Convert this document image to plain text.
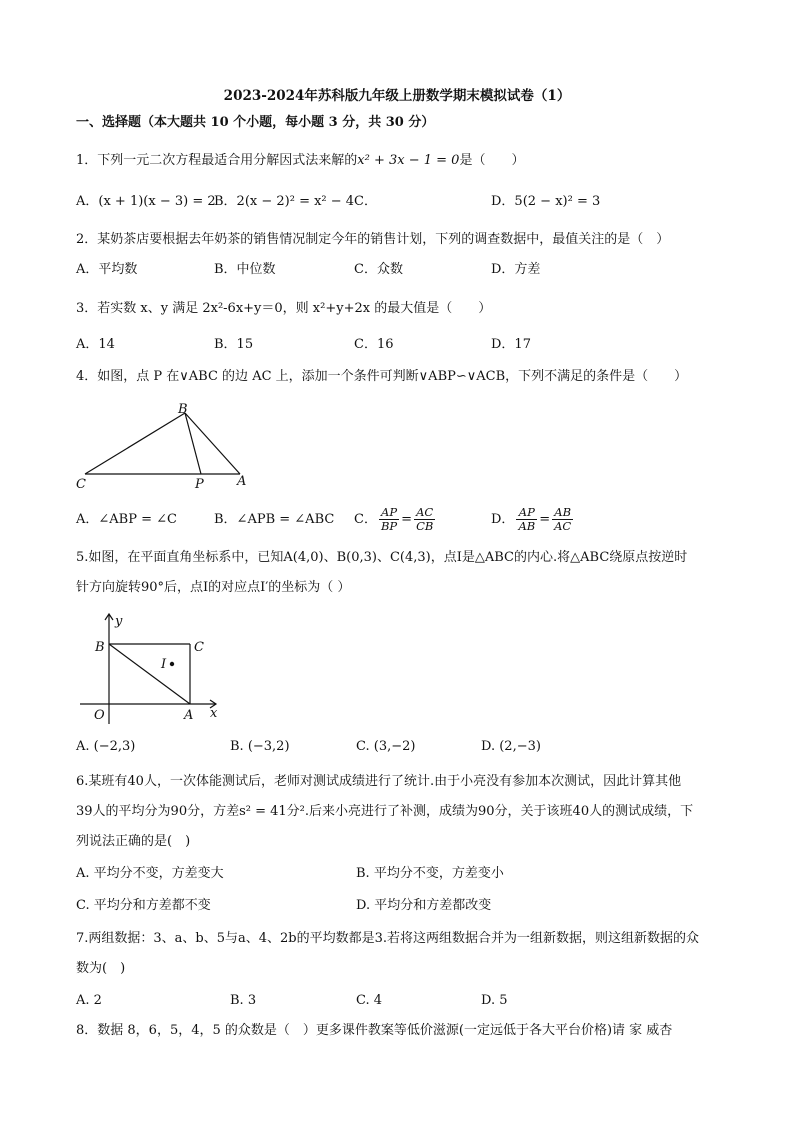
2023-2024年苏科版九年级上册数学期末模拟试卷（1）
一、选择题（本大题共 10 个小题，每小题 3 分，共 30 分）
1．下列一元二次方程最适合用分解因式法来解的x² + 3x − 1 = 0是（　　）
A．(x + 1)(x − 3) = 2
B．2(x − 2)² = x² − 4 C．	D．5(2 − x)² = 3
2．某奶茶店要根据去年奶茶的销售情况制定今年的销售计划，下列的调查数据中，最值关注的是（　）
A．平均数	B．中位数	C．众数	D．方差
3．若实数 x、y 满足 2x²-6x+y＝0，则 x²+y+2x 的最大值是（　　）
A．14	B．15	C．16	D．17
4．如图，点 P 在∨ABC 的边 AC 上，添加一个条件可判断∨ABP∽∨ACB，下列不满足的条件是（　　）
B
C	P	A
A．∠ABP = ∠C	B．∠APB = ∠ABC C． $\frac{AP}{BP} = \frac{AC}{CB}$	D． $\frac{AP}{AB} = \frac{AB}{AC}$
5.如图，在平面直角坐标系中，已知A(4,0)、B(0,3)、C(4,3)，点I是△ABC的内心.将△ABC绕原点按逆时
针方向旋转90°后，点I的对应点I′的坐标为（ ）
y
B	C
I
O	A x
A. (−2,3)	B. (−3,2)	C. (3,−2)	D. (2,−3)
6.某班有40人，一次体能测试后，老师对测试成绩进行了统计.由于小亮没有参加本次测试，因此计算其他
39人的平均分为90分，方差s² = 41分².后来小亮进行了补测，成绩为90分，关于该班40人的测试成绩，下
列说法正确的是(　)
A. 平均分不变，方差变大	B. 平均分不变，方差变小
C. 平均分和方差都不变	D. 平均分和方差都改变
7.两组数据：3、a、b、5与a、4、2b的平均数都是3.若将这两组数据合并为一组新数据，则这组新数据的众
数为(　)
A. 2	B. 3	C. 4	D. 5
8．数据 8，6，5，4，5 的众数是（　）更多课件教案等低价滋源(一定远低于各大平台价格)请 家 威杏
